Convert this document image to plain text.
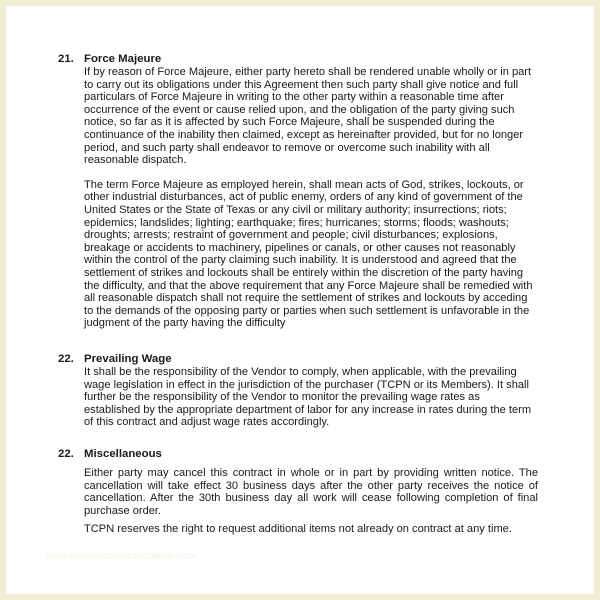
21. Force Majeure
If by reason of Force Majeure, either party hereto shall be rendered unable wholly or in part
to carry out its obligations under this Agreement then such party shall give notice and full
particulars of Force Majeure in writing to the other party within a reasonable time after
occurrence of the event or cause relied upon, and the obligation of the party giving such
notice, so far as it is affected by such Force Majeure, shall be suspended during the
continuance of the inability then claimed, except as hereinafter provided, but for no longer
period, and such party shall endeavor to remove or overcome such inability with all
reasonable dispatch.
The term Force Majeure as employed herein, shall mean acts of God, strikes, lockouts, or
other industrial disturbances, act of public enemy, orders of any kind of government of the
United States or the State of Texas or any civil or military authority; insurrections; riots;
epidemics; landslides; lighting; earthquake; fires; hurricanes; storms; floods; washouts;
droughts; arrests; restraint of government and people; civil disturbances; explosions,
breakage or accidents to machinery, pipelines or canals, or other causes not reasonably
within the control of the party claiming such inability. It is understood and agreed that the
settlement of strikes and lockouts shall be entirely within the discretion of the party having
the difficulty, and that the above requirement that any Force Majeure shall be remedied with
all reasonable dispatch shall not require the settlement of strikes and lockouts by acceding
to the demands of the opposing party or parties when such settlement is unfavorable in the
judgment of the party having the difficulty
22. Prevailing Wage
It shall be the responsibility of the Vendor to comply, when applicable, with the prevailing
wage legislation in effect in the jurisdiction of the purchaser (TCPN or its Members). It shall
further be the responsibility of the Vendor to monitor the prevailing wage rates as
established by the appropriate department of labor for any increase in rates during the term
of this contract and adjust wage rates accordingly.
22. Miscellaneous
Either party may cancel this contract in whole or in part by providing written notice. The
cancellation will take effect 30 business days after the other party receives the notice of
cancellation. After the 30th business day all work will cease following completion of final
purchase order.
TCPN reserves the right to request additional items not already on contract at any time.
www.heritagechristiancollege.com
